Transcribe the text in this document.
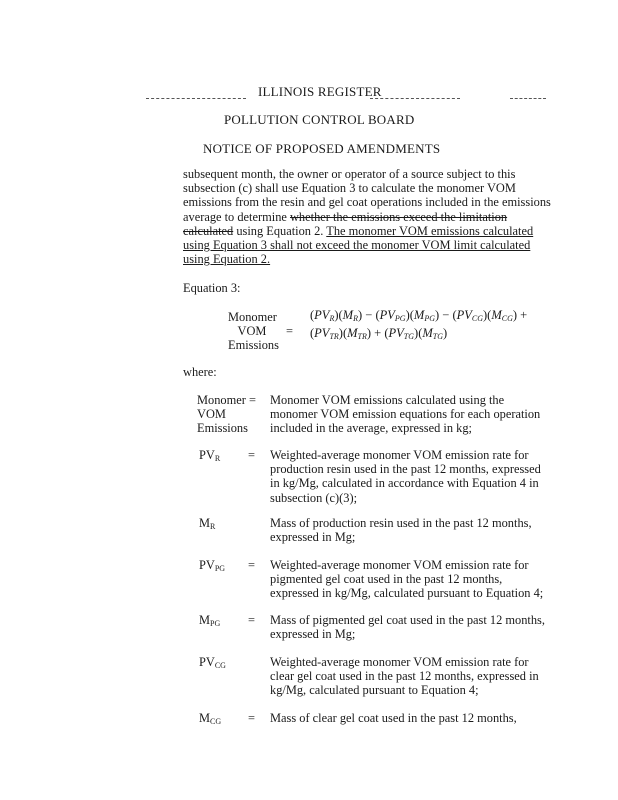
ILLINOIS REGISTER
POLLUTION CONTROL BOARD
NOTICE OF PROPOSED AMENDMENTS
subsequent month, the owner or operator of a source subject to this
subsection (c) shall use Equation 3 to calculate the monomer VOM
emissions from the resin and gel coat operations included in the emissions
average to determine whether the emissions exceed the limitation
calculated using Equation 2. The monomer VOM emissions calculated
using Equation 3 shall not exceed the monomer VOM limit calculated
using Equation 2.
Equation 3:
Monomer
VOM
Emissions
=
$(PV_R)(M_R) - (PV_{PG})(M_{PG}) - (PV_{CG})(M_{CG})$ +
$(PV_{TR})(M_{TR}) + (PV_{TG})(M_{TG})$
where:
Monomer =
VOM
Emissions
Monomer VOM emissions calculated using the
monomer VOM emission equations for each operation
included in the average, expressed in kg;
$PV_R$ = Weighted-average monomer VOM emission rate for
production resin used in the past 12 months, expressed
in kg/Mg, calculated in accordance with Equation 4 in
subsection (c)(3);
$M_R$	= Mass of production resin used in the past 12 months,
expressed in Mg;
$PV_{PG}$ = Weighted-average monomer VOM emission rate for
pigmented gel coat used in the past 12 months,
expressed in kg/Mg, calculated pursuant to Equation 4;
$M_{PG}$ = Mass of pigmented gel coat used in the past 12 months,
expressed in Mg;
$PV_{CG}$ = Weighted-average monomer VOM emission rate for
clear gel coat used in the past 12 months, expressed in
kg/Mg, calculated pursuant to Equation 4;
$M_{CG}$ = Mass of clear gel coat used in the past 12 months,
